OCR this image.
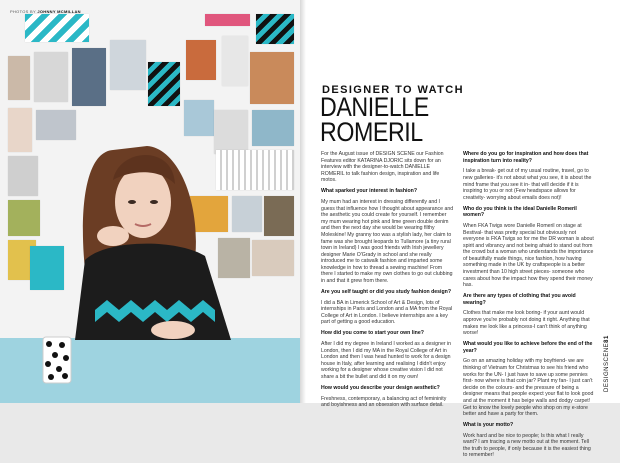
PHOTOS BY JOHNNY MCMILLAN
DESIGNER TO WATCH
DANIELLE
ROMERIL

For the August issue of DESIGN SCENE our Fashion Features editor KATARINA DJORIC sits down for an interview with the designer-to-watch DANIELLE ROMERIL to talk fashion design, inspiration and life motos.

What sparked your interest in fashion?

My mum had an interest in dressing differently and I guess that influence how I thought about appearance and the aesthetic you could create for yourself. I remember my mum wearing hot pink and lime green double denim and then the next day she would be wearing filthy Moleskine! My granny too was a stylish lady, her claim to fame was she brought leopards to Tullamore (a tiny rural town in Ireland) I was good friends with Irish jewellery designer Marie O'Grady in school and she really introduced me to catwalk fashion and imparted some knowledge in how to thread a sewing machine! From there I started to make my own clothes to go out clubbing in and that it grew from there.

Are you self taught or did you study fashion design?

I did a BA in Limerick School of Art & Design, lots of internships in Paris and London and a MA from the Royal College of Art in London. I believe internships are a key part of getting a good education.

How did you come to start your own line?

After I did my degree in Ireland I worked as a designer in London, then I did my MA in the Royal College of Art in London and then I was head hunted to work for a design house in Italy, after learning and realising I didn't enjoy working for a designer whose creative vision I did not share a bit the bullet and did it on my own!

How would you describe your design aesthetic?

Freshness, contemporary, a balancing act of femininity and boyishness and an obsession with surface detail.

Where do you go for inspiration and how does that inspiration turn into reality?

I take a break- get out of my usual routine, travel, go to new galleries- it's not about what you see, it is about the mind frame that you see it in- that will decide if it is inspiring to you or not (Few headspace allows for creativity- worrying about emails does not)!

Who do you think is the ideal Danielle Romeril women?

When FKA Twigs wore Danielle Romeril on stage at Bestival- that was pretty special but obviously not everyone is FKA Twigs so for me the DR woman is about spirit and vibrancy and not being afraid to stand out from the crowd but a woman who understands the importance of beautifully made things, nice fashion, how having something made in the UK by craftspeople is a better investment than 10 high street pieces- someone who cares about how the impact how they spend their money has.

Are there any types of clothing that you avoid wearing?

Clothes that make me look boring- if your aunt would approve you're probably not doing it right. Anything that makes me look like a princess-I can't think of anything worse!

What would you like to achieve before the end of the year?

Go on an amazing holiday with my boyfriend- we are thinking of Vietnam for Christmas to see his friend who works for the UN- I just have to save up some pennies first- now where is that coin jar? Plant my fan- I just can't decide on the colours- and the pressure of being a designer means that people expect your flat to look good and at the moment it has beige walls and dodgy carpet! Get to know the lovely people who shop on my e-store better and have a party for them.

What is your motto?

Work hard and be nice to people; Is this what I really want? I am tracing a new motto out at the moment. Tell the truth to people, if only because it is the easiest thing to remember!

DESIGNSCENE81
